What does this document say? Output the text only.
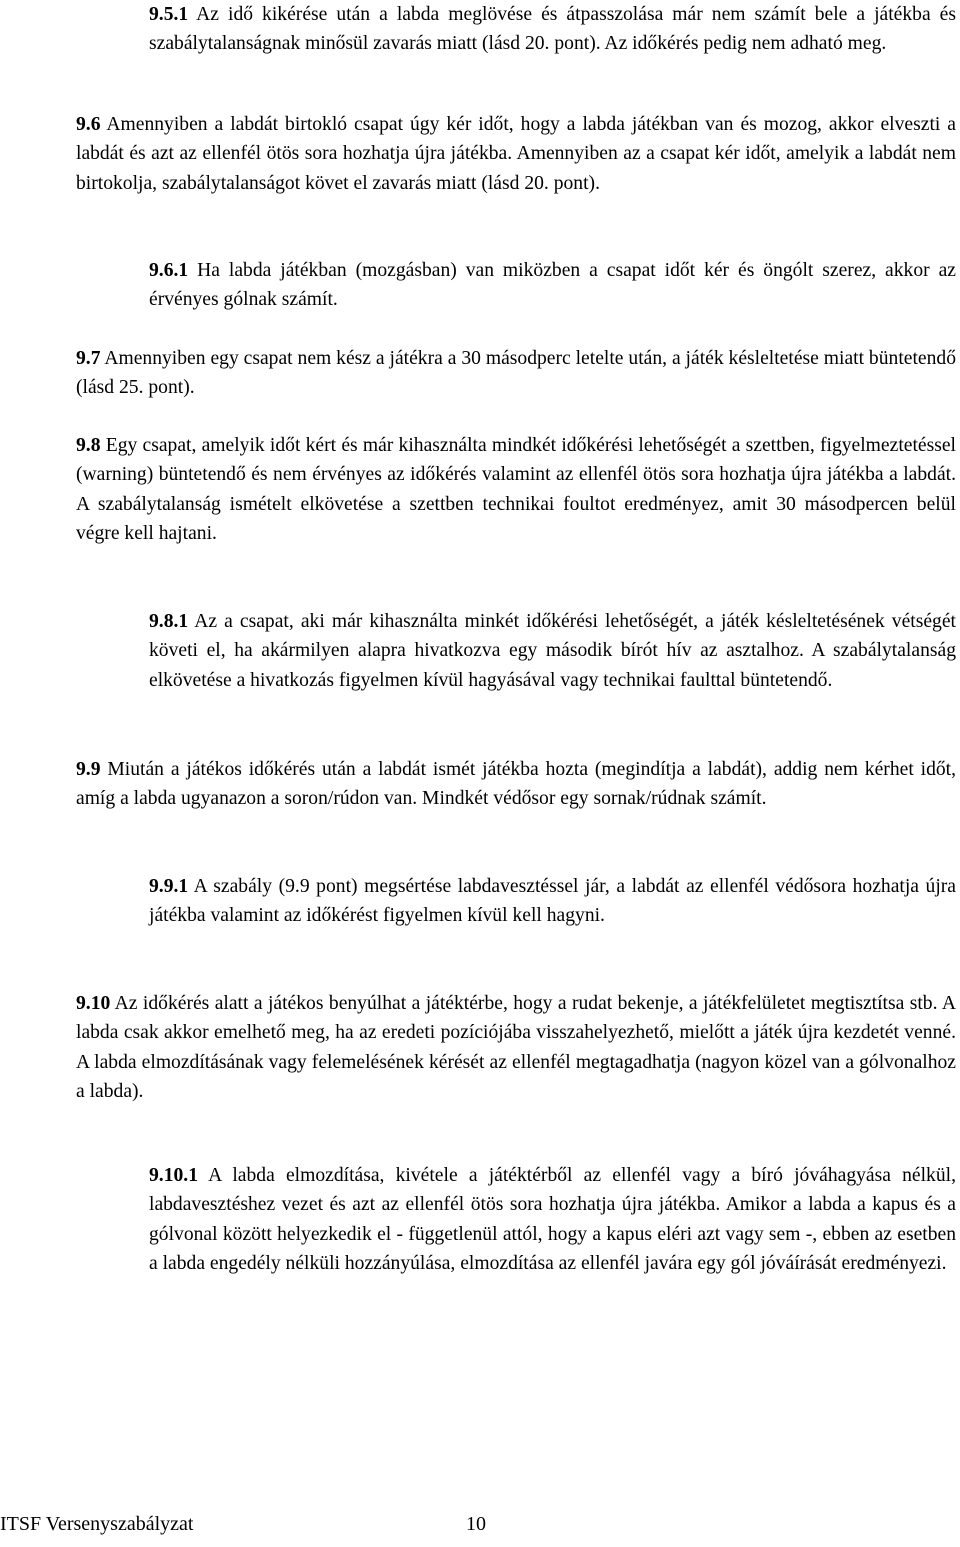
9.5.1 Az idő kikérése után a labda meglövése és átpasszolása már nem számít bele a játékba és szabálytalanságnak minősül zavarás miatt (lásd 20. pont). Az időkérés pedig nem adható meg.

9.6 Amennyiben a labdát birtokló csapat úgy kér időt, hogy a labda játékban van és mozog, akkor elveszti a labdát és azt az ellenfél ötös sora hozhatja újra játékba. Amennyiben az a csapat kér időt, amelyik a labdát nem birtokolja, szabálytalanságot követ el zavarás miatt (lásd 20. pont).

9.6.1 Ha labda játékban (mozgásban) van miközben a csapat időt kér és öngólt szerez, akkor az érvényes gólnak számít.

9.7 Amennyiben egy csapat nem kész a játékra a 30 másodperc letelte után, a játék késleltetése miatt büntetendő (lásd 25. pont).

9.8 Egy csapat, amelyik időt kért és már kihasználta mindkét időkérési lehetőségét a szettben, figyelmeztetéssel (warning) büntetendő és nem érvényes az időkérés valamint az ellenfél ötös sora hozhatja újra játékba a labdát. A szabálytalanság ismételt elkövetése a szettben technikai foultot eredményez, amit 30 másodpercen belül végre kell hajtani.

9.8.1 Az a csapat, aki már kihasználta minkét időkérési lehetőségét, a játék késleltetésének vétségét követi el, ha akármilyen alapra hivatkozva egy második bírót hív az asztalhoz. A szabálytalanság elkövetése a hivatkozás figyelmen kívül hagyásával vagy technikai faulttal büntetendő.

9.9 Miután a játékos időkérés után a labdát ismét játékba hozta (megindítja a labdát), addig nem kérhet időt, amíg a labda ugyanazon a soron/rúdon van. Mindkét védősor egy sornak/rúdnak számít.

9.9.1 A szabály (9.9 pont) megsértése labdavesztéssel jár, a labdát az ellenfél védősora hozhatja újra játékba valamint az időkérést figyelmen kívül kell hagyni.

9.10 Az időkérés alatt a játékos benyúlhat a játéktérbe, hogy a rudat bekenje, a játékfelületet megtisztítsa stb. A labda csak akkor emelhető meg, ha az eredeti pozíciójába visszahelyezhető, mielőtt a játék újra kezdetét venné. A labda elmozdításának vagy felemelésének kérését az ellenfél megtagadhatja (nagyon közel van a gólvonalhoz a labda).

9.10.1 A labda elmozdítása, kivétele a játéktérből az ellenfél vagy a bíró jóváhagyása nélkül, labdavesztéshez vezet és azt az ellenfél ötös sora hozhatja újra játékba. Amikor a labda a kapus és a gólvonal között helyezkedik el - függetlenül attól, hogy a kapus eléri azt vagy sem -, ebben az esetben a labda engedély nélküli hozzányúlása, elmozdítása az ellenfél javára egy gól jóváírását eredményezi.

ITSF Versenyszabályzat	10
